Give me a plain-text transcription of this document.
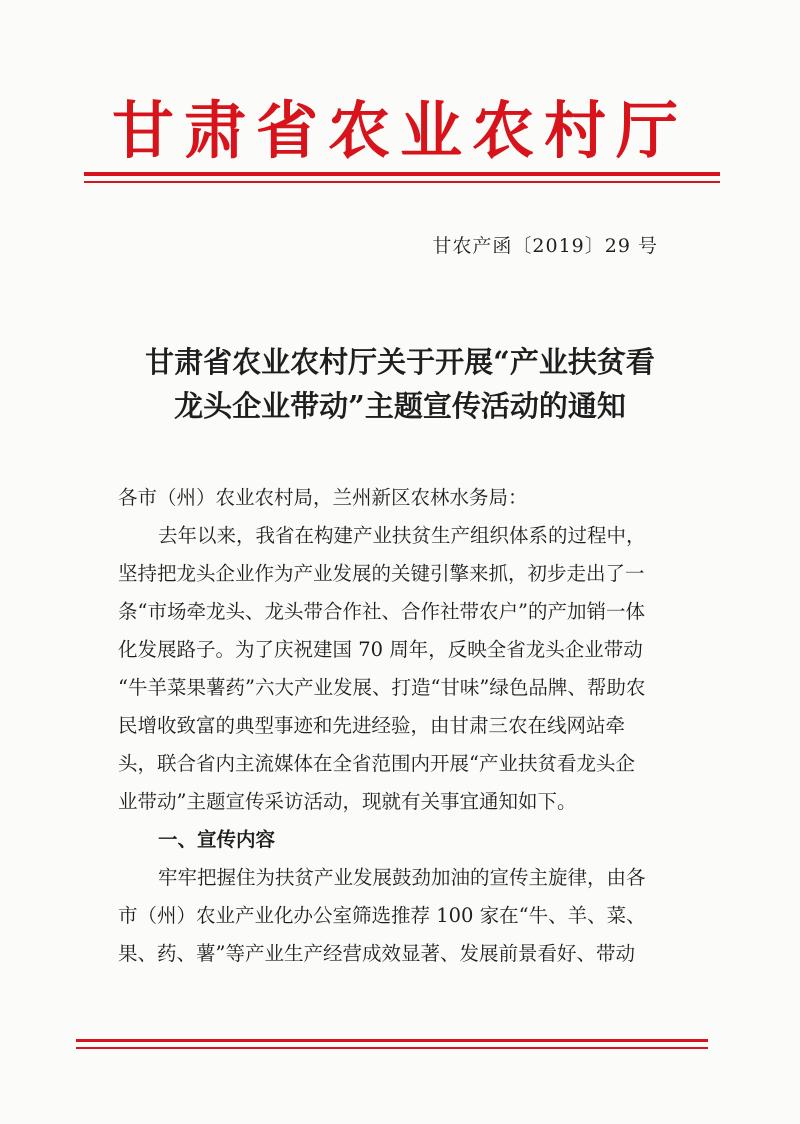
甘肃省农业农村厅
甘农产函〔2019〕29 号
甘肃省农业农村厅关于开展“产业扶贫看
龙头企业带动”主题宣传活动的通知
各市（州）农业农村局，兰州新区农林水务局：
去年以来，我省在构建产业扶贫生产组织体系的过程中，
坚持把龙头企业作为产业发展的关键引擎来抓，初步走出了一
条“市场牵龙头、龙头带合作社、合作社带农户”的产加销一体
化发展路子。为了庆祝建国 70 周年，反映全省龙头企业带动
“牛羊菜果薯药”六大产业发展、打造“甘味”绿色品牌、帮助农
民增收致富的典型事迹和先进经验，由甘肃三农在线网站牵
头，联合省内主流媒体在全省范围内开展“产业扶贫看龙头企
业带动”主题宣传采访活动，现就有关事宜通知如下。
一、宣传内容
牢牢把握住为扶贫产业发展鼓劲加油的宣传主旋律，由各
市（州）农业产业化办公室筛选推荐 100 家在“牛、羊、菜、
果、药、薯”等产业生产经营成效显著、发展前景看好、带动
